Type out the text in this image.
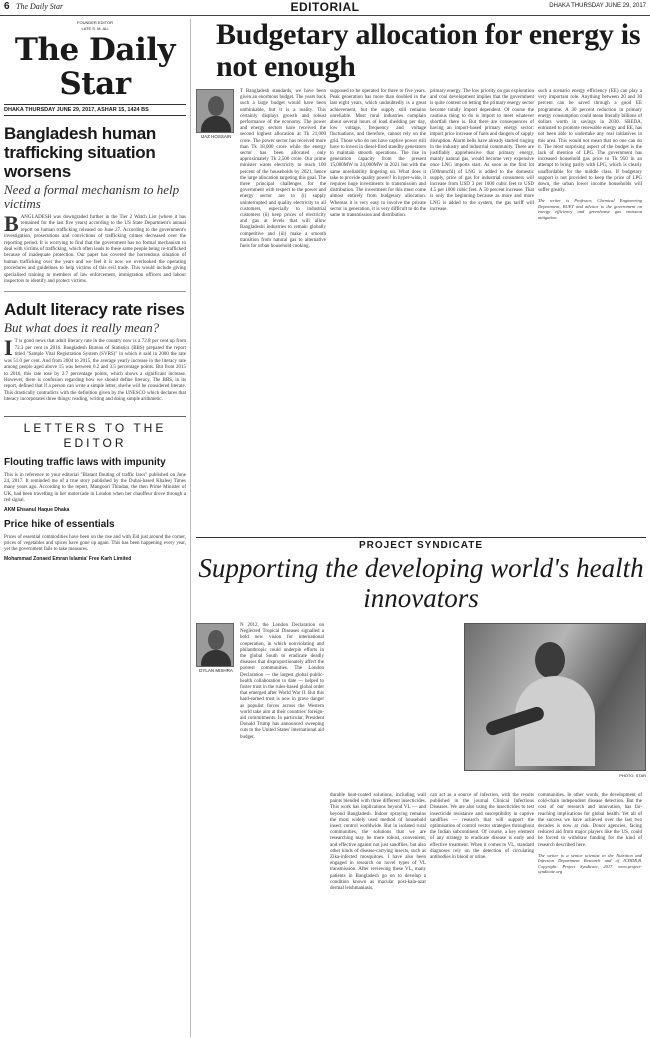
6 The Daily Star	EDITORIAL	DHAKA THURSDAY JUNE 29, 2017
FOUNDER EDITOR
LATE S. M. ALI
The Daily Star
DHAKA THURSDAY JUNE 29, 2017, ASHAR 15, 1424 BS
Bangladesh human trafficking situation worsens
Need a formal mechanism to help victims
BANGLADESH was downgraded further in the Tier 2 Watch List (where it has remained for the last five years) according to the US State Department's annual report on human trafficking released on June 27. According to the government's investigation, prosecutions and convictions of trafficking crimes decreased over the reporting period. It is worrying to find that the government has no formal mechanism to deal with victims of trafficking, which often leads to these same people being re-trafficked because of inadequate protection. Our paper has covered the horrendous situation of human trafficking over the years and we feel it is now we overlooked the operating procedures and guidelines to help victims of this evil trade. This would include giving specialised training to members of law enforcement, immigration officers and labour inspectors to identify and protect victims.
Adult literacy rate rises
But what does it really mean?
I T is good news that adult literacy rate in the country now is a 72.8 per cent up from 72.3 per cent in 2016. Bangladesh Bureau of Statistics (BBS) prepared the report titled "Sample Vital Registration System (SVRS)" in which it said in 2000 the rate was 51.0 per cent. And from 2004 to 2015, the average yearly increase in the literacy rate among people aged above 15 was between 0.2 and 3.5 percentage points. But from 2015 to 2016, this rate rose by 2.7 percentage points, which shows a significant increase. However, there is confusion regarding how we should define literacy. The BBS, in its report, defined that if a person can write a simple letter, she/he will be considered literate. This drastically contradicts with the definition given by the UNESCO which declares that literacy incorporates three things: reading, writing and doing simple arithmetic.
LETTERS TO THE EDITOR
Flouting traffic laws with impunity
This is in reference to your editorial "Blatant flouting of traffic laws" published on June 24, 2017. It reminded me of a true story published by the Dubai-based Khaleej Times many years ago. According to the report, Mangoori Thindan, the then Prime Minister of UK, had been travelling in her motorcade in London when her chauffeur drove through a red signal.
AKM Ehsanul Haque Dhaka
Price hike of essentials
Prices of essential commodities have been on the rise and with Eid just around the corner, prices of vegetables and spices have gone up again. This has been happening every year, yet the government fails to take measures.
Mohammad Zonaed Emran Islamia' Free Karh Limited
Budgetary allocation for energy is not enough
IJAZ HOSSAIN
T Bangladesh standards, we have been given an enormous budget. The years back such a large budget would have been unthinkable, but it is a reality. This certainly displays growth and robust performance of the economy. The power and energy sectors have received the second highest allocation at Tk 21,000 crore. The power sector has received more than Tk 18,000 crore while the energy sector has been allocated only approximately Tk 2,500 crore. Our prime minister wants electricity to reach 100 percent of the households by 2021, hence the large allocation targeting this goal. The three principal challenges for the government with respect to the power and energy sector are to (i) supply uninterrupted and quality electricity to all customers, especially to industrial customers (ii) keep prices of electricity and gas at levels that will allow Bangladeshi industries to remain globally competitive and (iii) make a smooth transition from natural gas to alternative fuels for urban household cooking.
supposed to be operated for three to five years. Peak generation has more than doubled in the last eight years, which undoubtedly is a great achievement, but the supply still remains unreliable. Most rural industries complain about several hours of load shedding per day, low voltage, frequency and voltage fluctuations, and therefore, cannot rely on the grid. Those who do not have captive power still have to invest in diesel-fired standby generators to maintain smooth operations. The rise in generation capacity from the present 15,000MW to 24,000MW in 2021 but with the same unreliability lingering on. What does it take to provide quality power? In hyper-wide, it requires huge investments in transmission and distribution. The investment for this must come almost entirely from budgetary allocation. Whereas it is very easy to involve the private sector in generation, it is very difficult to do the same in transmission and distribution.
primary energy. The low priority on gas exploration and coal development implies that the government is quite content on letting the primary energy sector become totally import dependent. Of course the cautious thing to do is import to meet whatever shortfall there is. But there are consequences of having an import-based primary energy sector: import price increase of fuels and dangers of supply disruption. Alarm bells have already started ringing in the industry and industrial community. There are justifiably apprehensive that primary energy, mainly natural gas, would become very expensive once LNG imports start. As soon as the first lot (500mmcfd) of LNG is added to the domestic supply, price of gas for industrial consumers will increase from USD 3 per 1000 cubic feet to USD 4.5 per 1000 cubic feet. A 50 percent increase. That is only the beginning because as more and more LNG is added to the system, the gas tariff will increase.
such a scenario energy efficiency (EE) can play a very important role. Anything between 20 and 30 percent can be saved through a good EE programme. A 30 percent reduction in primary energy consumption could mean literally billions of dollars worth in savings in 2030. SREDA, entrusted to promote renewable energy and EE, has not been able to undertake any real initiatives in this area. This would not mean that no one can do it. The most surprising aspect of the budget is the lack of mention of LPG. The government has increased household gas price to Tk 950 in an attempt to bring parity with LPG, which is clearly unaffordable for the middle class. If budgetary support is not provided to keep the price of LPG down, the urban lower income households will suffer greatly.
The writer is Professor, Chemical Engineering Department, BUET and advisor to the government on energy efficiency and greenhouse gas emission mitigation.
PROJECT SYNDICATE
Supporting the developing world's health innovators
DYLAN MISHRA
N 2012, the London Declaration on Neglected Tropical Diseases signalled a bold new vision for international cooperation, in which nonviolating and philanthropic could underpin efforts in the global South to eradicate deadly diseases that disproportionately affect the poorest communities. The London Declaration — the largest global public-health collaboration to date — helped to foster trust in the rules-based global order that emerged after World War II. But this hard-earned trust is now in grave danger as populist forces across the Western world take aim at their countries' foreign-aid commitments. In particular, President Donald Trump has announced sweeping cuts to the United States' international aid budget.
PHOTO: STAR
durable heat-coated solutions, including wall paints blended with three different insecticides. This work has implications beyond VL — and beyond Bangladesh. Indoor spraying remains the most widely used method of household insect control worldwide. But in isolated rural communities, the solutions that we are researching may be more robust, convenient, and effective against not just sandflies, but also other kinds of disease-carrying insects, such as Zika-infected mosquitoes. I have also been engaged in research on novel types of VL transmission. After reviewing these VL, many patients in Bangladesh go on to develop a condition known as macular post-kala-azar dermal leishmaniasis.
can act as a source of infection, with the results published in the journal Clinical Infectious Diseases. We are also using the insecticides to test insecticide resistance and susceptibility in captive sandflies — research that will support the optimisation of control vector strategies throughout the Indian subcontinent. Of course, a key element of any strategy to eradicate disease is early and effective treatment. When it comes to VL, standard diagnoses rely on the detection of circulating antibodies in blood or urine.
communities. In other words, the development of cold-chain independent disease detection. But the cost of our research and innovation, has far-reaching implications for global health. Yet all of the success we have achieved over the last two decades is now at risk. Donor agencies, facing reduced aid from major players like the US, could be forced to withdraw funding for the kind of research described here.
The writer is a senior scientist in the Nutrition and Infection Department Research and of ICDDR,B. Copyright: Project Syndicate, 2017. www.project-syndicate.org
